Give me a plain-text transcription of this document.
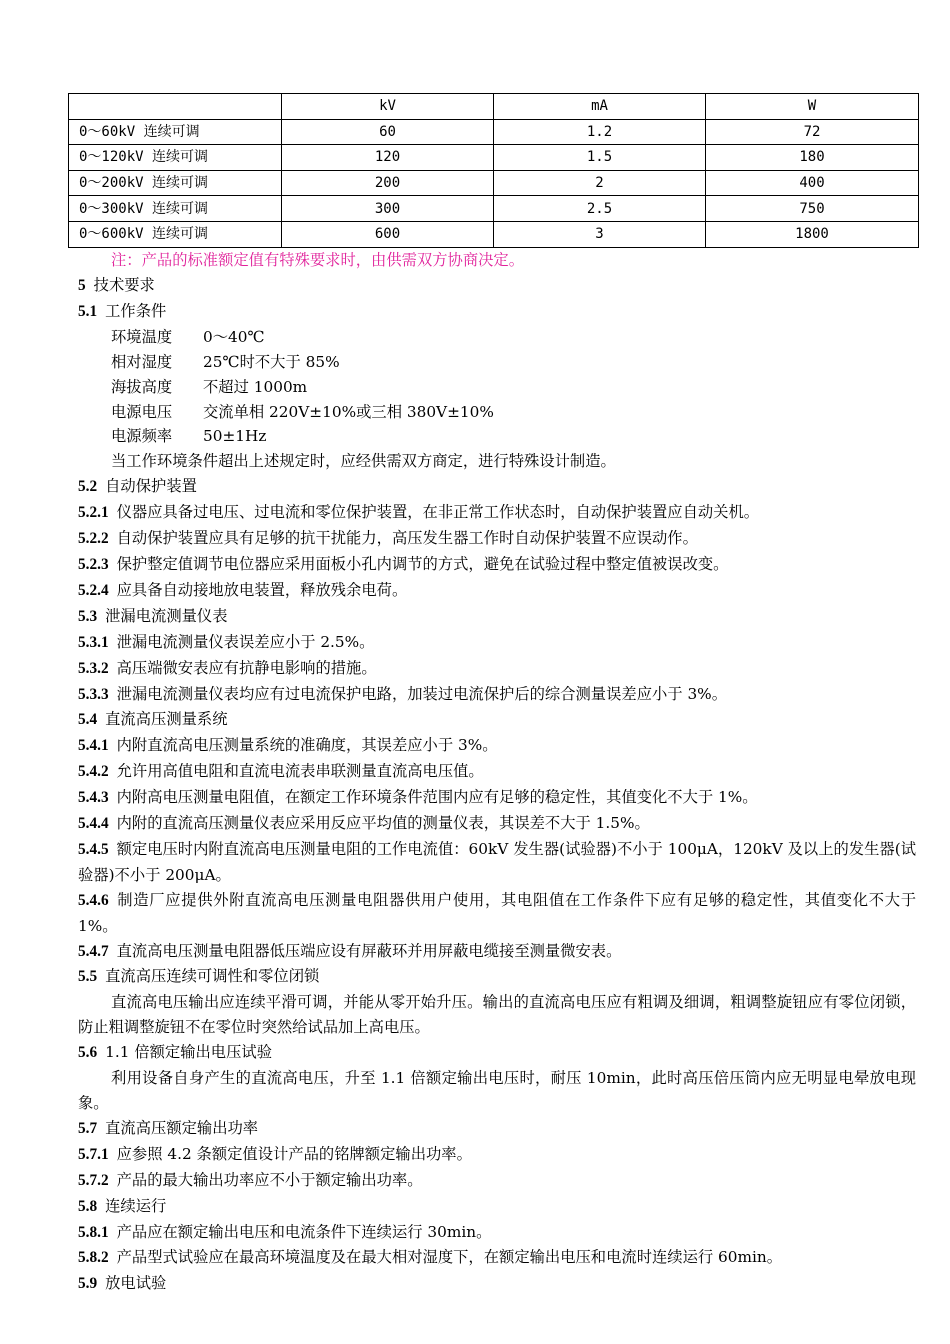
	kV	mA	W
0～60kV 连续可调	60	1.2	72
0～120kV 连续可调	120	1.5	180
0～200kV 连续可调	200	2	400
0～300kV 连续可调	300	2.5	750
0～600kV 连续可调	600	3	1800

注：产品的标准额定值有特殊要求时，由供需双方协商决定。

5 技术要求

5.1 工作条件

环境温度	0～40℃
相对湿度	25℃时不大于 85%
海拔高度	不超过 1000m
电源电压	交流单相 220V±10%或三相 380V±10%
电源频率	50±1Hz

当工作环境条件超出上述规定时，应经供需双方商定，进行特殊设计制造。

5.2 自动保护装置

5.2.1 仪器应具备过电压、过电流和零位保护装置，在非正常工作状态时，自动保护装置应自动关机。

5.2.2 自动保护装置应具有足够的抗干扰能力，高压发生器工作时自动保护装置不应误动作。

5.2.3 保护整定值调节电位器应采用面板小孔内调节的方式，避免在试验过程中整定值被误改变。

5.2.4 应具备自动接地放电装置，释放残余电荷。

5.3 泄漏电流测量仪表

5.3.1 泄漏电流测量仪表误差应小于 2.5%。

5.3.2 高压端微安表应有抗静电影响的措施。

5.3.3 泄漏电流测量仪表均应有过电流保护电路，加装过电流保护后的综合测量误差应小于 3%。

5.4 直流高压测量系统

5.4.1 内附直流高电压测量系统的准确度，其误差应小于 3%。

5.4.2 允许用高值电阻和直流电流表串联测量直流高电压值。

5.4.3 内附高电压测量电阻值，在额定工作环境条件范围内应有足够的稳定性，其值变化不大于 1%。

5.4.4 内附的直流高压测量仪表应采用反应平均值的测量仪表，其误差不大于 1.5%。

5.4.5 额定电压时内附直流高电压测量电阻的工作电流值：60kV 发生器(试验器)不小于 100μA，120kV 及以上的发生器(试验器)不小于 200μA。

5.4.6 制造厂应提供外附直流高电压测量电阻器供用户使用，其电阻值在工作条件下应有足够的稳定性，其值变化不大于 1%。

5.4.7 直流高电压测量电阻器低压端应设有屏蔽环并用屏蔽电缆接至测量微安表。

5.5 直流高压连续可调性和零位闭锁

直流高电压输出应连续平滑可调，并能从零开始升压。输出的直流高电压应有粗调及细调，粗调整旋钮应有零位闭锁，防止粗调整旋钮不在零位时突然给试品加上高电压。

5.6 1.1 倍额定输出电压试验

利用设备自身产生的直流高电压，升至 1.1 倍额定输出电压时，耐压 10min，此时高压倍压筒内应无明显电晕放电现象。

5.7 直流高压额定输出功率

5.7.1 应参照 4.2 条额定值设计产品的铭牌额定输出功率。

5.7.2 产品的最大输出功率应不小于额定输出功率。

5.8 连续运行

5.8.1 产品应在额定输出电压和电流条件下连续运行 30min。

5.8.2 产品型式试验应在最高环境温度及在最大相对湿度下，在额定输出电压和电流时连续运行 60min。

5.9 放电试验
